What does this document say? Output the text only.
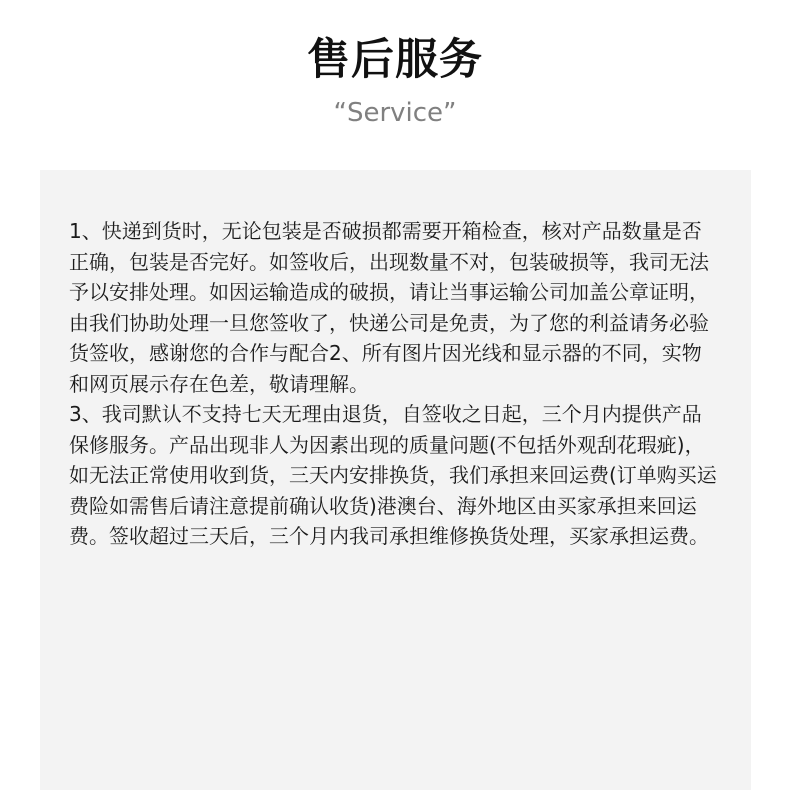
售后服务
“Service”

1、快递到货时，无论包装是否破损都需要开箱检查，核对产品数量是否正确，包装是否完好。如签收后，出现数量不对，包装破损等，我司无法予以安排处理。如因运输造成的破损，请让当事运输公司加盖公章证明，由我们协助处理一旦您签收了，快递公司是免责，为了您的利益请务必验货签收，感谢您的合作与配合2、所有图片因光线和显示器的不同，实物和网页展示存在色差，敬请理解。

3、我司默认不支持七天无理由退货，自签收之日起，三个月内提供产品保修服务。产品出现非人为因素出现的质量问题(不包括外观刮花瑕疵)，如无法正常使用收到货，三天内安排换货，我们承担来回运费(订单购买运费险如需售后请注意提前确认收货)港澳台、海外地区由买家承担来回运费。签收超过三天后，三个月内我司承担维修换货处理，买家承担运费。
